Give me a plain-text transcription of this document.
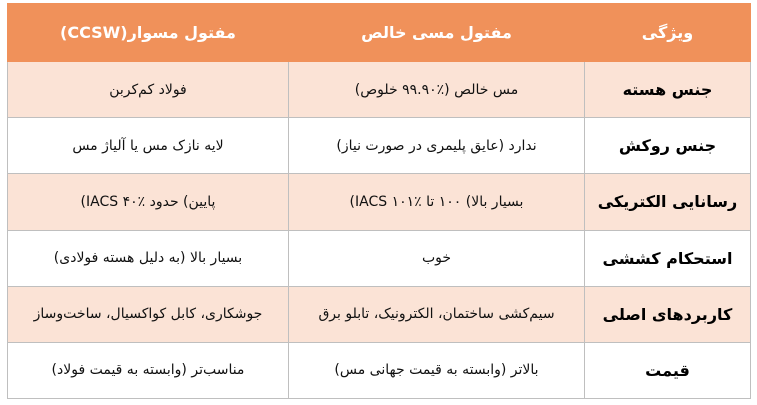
ویژگی	مفتول مسی خالص	مفتول مسوار(CCSW)
جنس هسته	مس خالص (٪۹۹.۹۰ خلوص)	فولاد کم‌کربن
جنس روکش	ندارد (عایق پلیمری در صورت نیاز)	لایه نازک مس یا آلیاژ مس
رسانایی الکتریکی	بسیار بالا) ۱۰۰ تا ٪۱۰۱ IACS)	پایین) حدود ٪۴۰ IACS)
استحکام کششی	خوب	بسیار بالا (به دلیل هسته فولادی)
کاربردهای اصلی	سیم‌کشی ساختمان، الکترونیک، تابلو برق	جوشکاری، کابل کواکسیال، ساخت‌وساز
قیمت	بالاتر (وابسته به قیمت جهانی مس)	مناسب‌تر (وابسته به قیمت فولاد)
